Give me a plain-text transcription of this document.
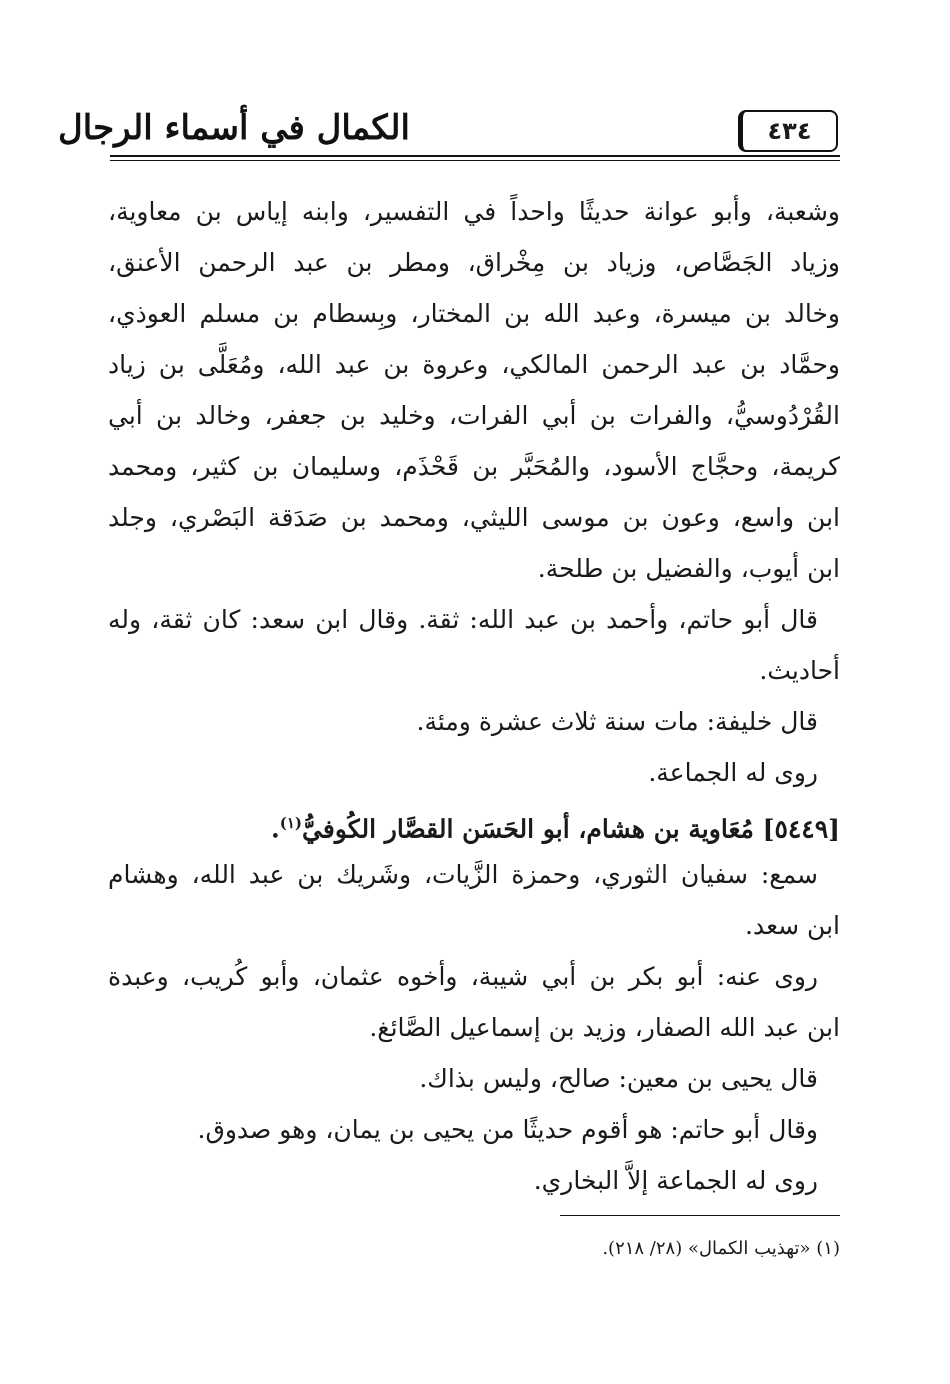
الكمال في أسماء الرجال	٤٣٤
وشعبة، وأبو عوانة حديثًا واحداً في التفسير، وابنه إياس بن معاوية،
وزياد الجَصَّاص، وزياد بن مِخْراق، ومطر بن عبد الرحمن الأعنق،
وخالد بن ميسرة، وعبد الله بن المختار، وبِسطام بن مسلم العوذي،
وحمَّاد بن عبد الرحمن المالكي، وعروة بن عبد الله، ومُعَلَّى بن زياد
القُرْدُوسيُّ، والفرات بن أبي الفرات، وخليد بن جعفر، وخالد بن أبي
كريمة، وحجَّاج الأسود، والمُحَبَّر بن قَحْذَم، وسليمان بن كثير، ومحمد
ابن واسع، وعون بن موسى الليثي، ومحمد بن صَدَقة البَصْري، وجلد
ابن أيوب، والفضيل بن طلحة.
قال أبو حاتم، وأحمد بن عبد الله: ثقة. وقال ابن سعد: كان ثقة، وله
أحاديث.
قال خليفة: مات سنة ثلاث عشرة ومئة.
روى له الجماعة.
[٥٤٤٩] مُعَاوية بن هشام، أبو الحَسَن القصَّار الكُوفيُّ$^{(١)}$.
سمع: سفيان الثوري، وحمزة الزَّيات، وشَريك بن عبد الله، وهشام
ابن سعد.
روى عنه: أبو بكر بن أبي شيبة، وأخوه عثمان، وأبو كُريب، وعبدة
ابن عبد الله الصفار، وزيد بن إسماعيل الصَّائغ.
قال يحيى بن معين: صالح، وليس بذاك.
وقال أبو حاتم: هو أقوم حديثًا من يحيى بن يمان، وهو صدوق.
روى له الجماعة إلاَّ البخاري.
(١) «تهذيب الكمال» (٢٨/ ٢١٨).
